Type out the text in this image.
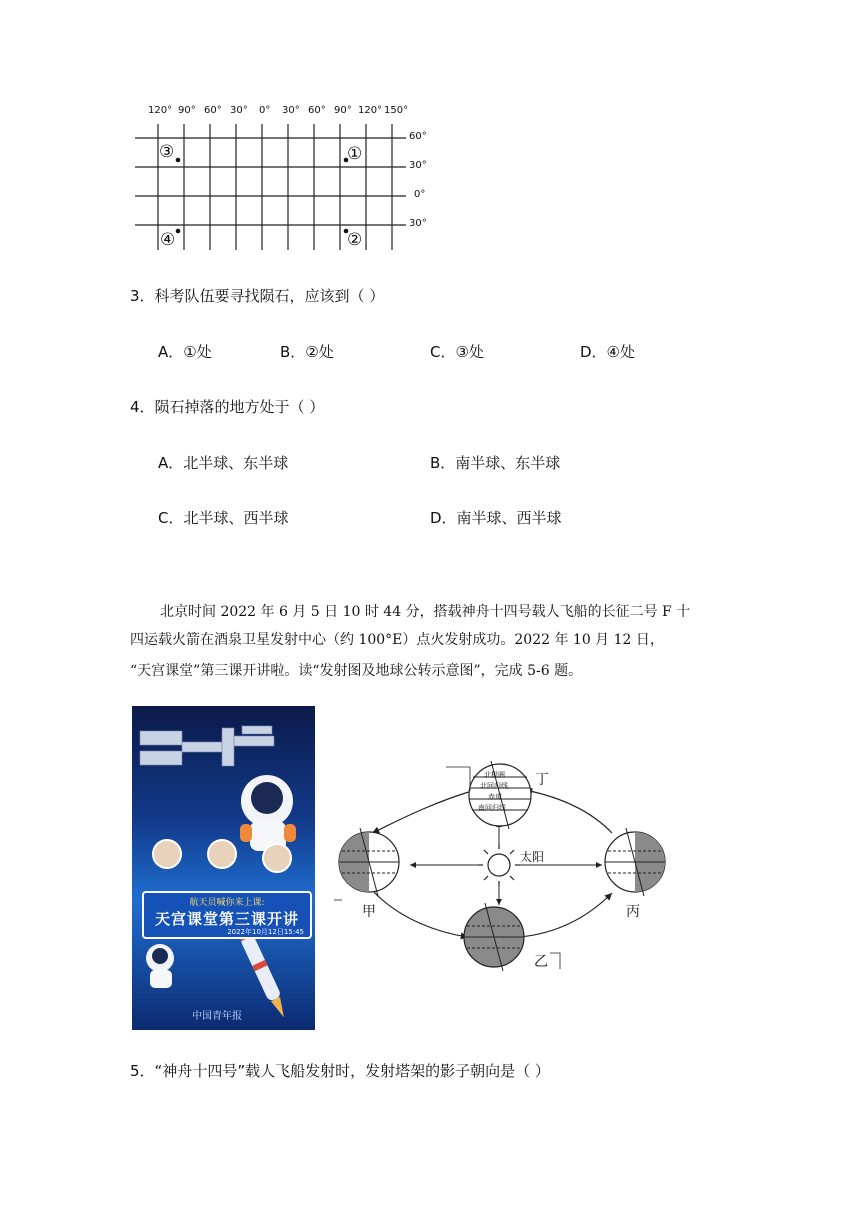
120° 90° 60° 30° 0° 30° 60° 90° 120° 150°
60°
30°
0°
30°
③	①
④	②
3．科考队伍要寻找陨石，应该到（ ）
A．①处	B．②处	C．③处	D．④处
4．陨石掉落的地方处于（ ）
A．北半球、东半球	B．南半球、东半球
C．北半球、西半球	D．南半球、西半球
北京时间 2022 年 6 月 5 日 10 时 44 分，搭载神舟十四号载人飞船的长征二号 F 十
四运载火箭在酒泉卫星发射中心（约 100°E）点火发射成功。2022 年 10 月 12 日，
“天宫课堂”第三课开讲啦。读“发射图及地球公转示意图”，完成 5-6 题。
航天员喊你来上课:
天宫课堂第三课开讲
2022年10月12日15:45
中国青年报
太阳
甲
乙
丙
丁
北极圈
北回归线
赤道
南回归线
5．“神舟十四号”载人飞船发射时，发射塔架的影子朝向是（ ）
